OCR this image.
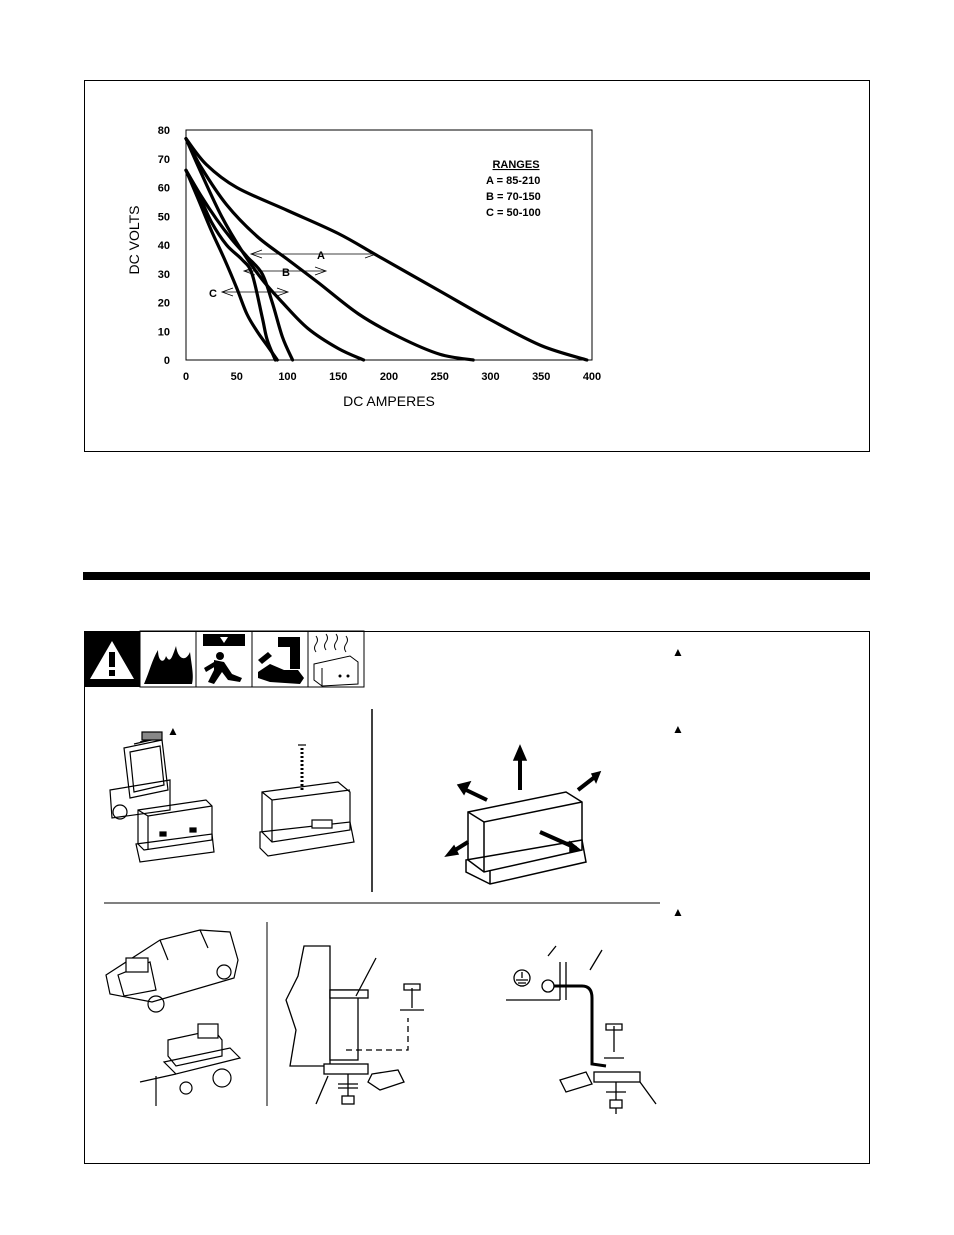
0
10
20
30
40
50
60
70
80
0	50	100	150	200	250	300	350	400
DC VOLTS
DC AMPERES
RANGES
A = 85-210
B = 70-150
C = 50-100
A
B
C
▲
▲
▲
▲
